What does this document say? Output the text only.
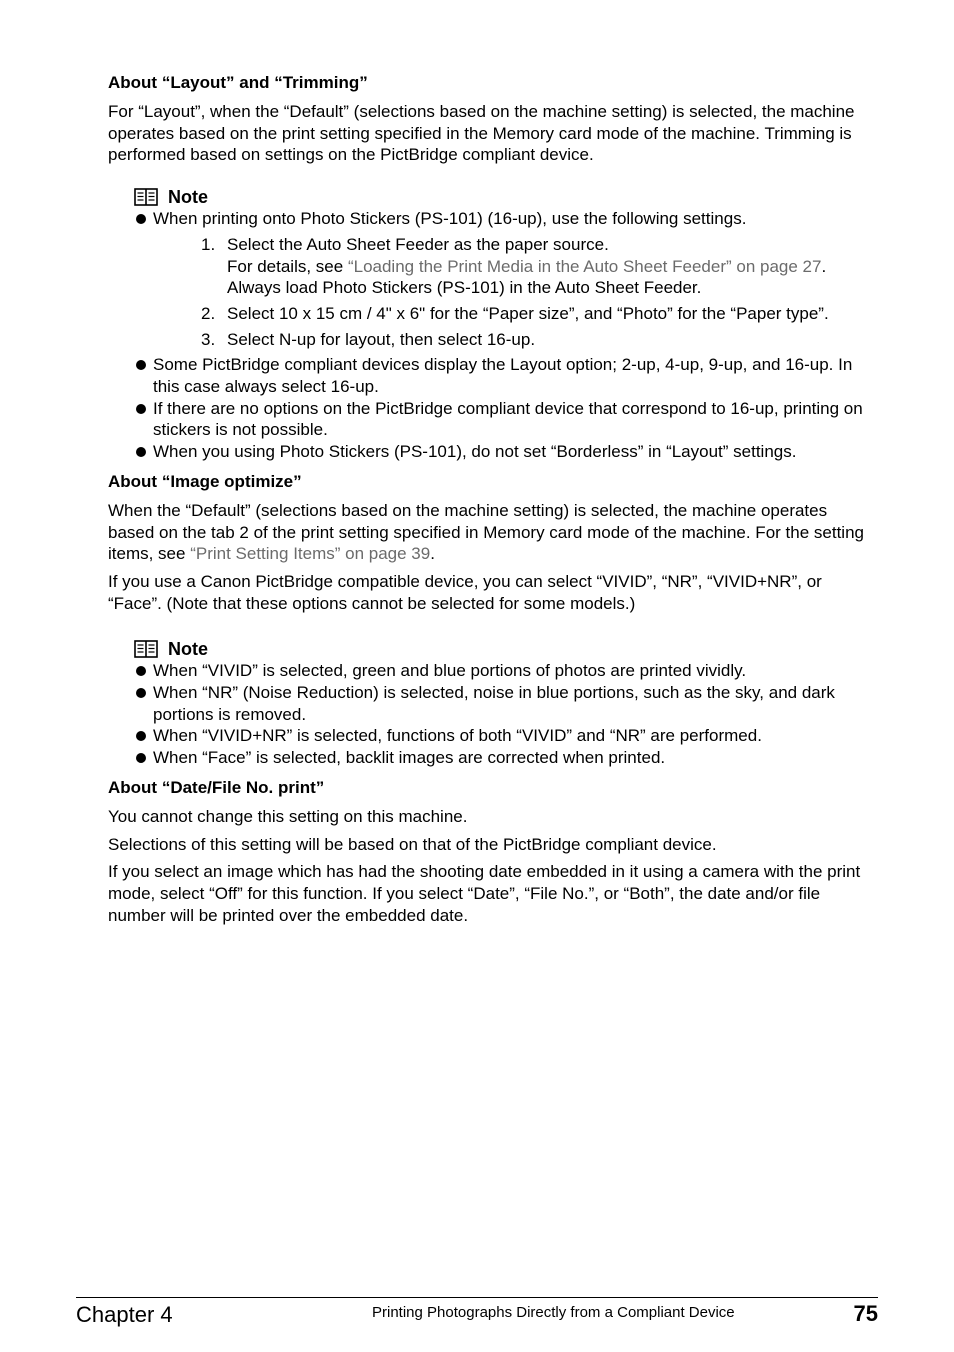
About “Layout” and “Trimming”

For “Layout”, when the “Default” (selections based on the machine setting) is selected, the machine operates based on the print setting specified in the Memory card mode of the machine. Trimming is performed based on settings on the PictBridge compliant device.

Note
When printing onto Photo Stickers (PS-101) (16-up), use the following settings.
1. Select the Auto Sheet Feeder as the paper source.
For details, see “Loading the Print Media in the Auto Sheet Feeder” on page 27.
Always load Photo Stickers (PS-101) in the Auto Sheet Feeder.
2. Select 10 x 15 cm / 4" x 6" for the “Paper size”, and “Photo” for the “Paper type”.
3. Select N-up for layout, then select 16-up.
Some PictBridge compliant devices display the Layout option; 2-up, 4-up, 9-up, and 16-up. In this case always select 16-up.
If there are no options on the PictBridge compliant device that correspond to 16-up, printing on stickers is not possible.
When you using Photo Stickers (PS-101), do not set “Borderless” in “Layout” settings.
About “Image optimize”

When the “Default” (selections based on the machine setting) is selected, the machine operates based on the tab 2 of the print setting specified in Memory card mode of the machine. For the setting items, see “Print Setting Items” on page 39.

If you use a Canon PictBridge compatible device, you can select “VIVID”, “NR”, “VIVID+NR”, or “Face”. (Note that these options cannot be selected for some models.)

Note
When “VIVID” is selected, green and blue portions of photos are printed vividly.
When “NR” (Noise Reduction) is selected, noise in blue portions, such as the sky, and dark portions is removed.
When “VIVID+NR” is selected, functions of both “VIVID” and “NR” are performed.
When “Face” is selected, backlit images are corrected when printed.
About “Date/File No. print”

You cannot change this setting on this machine.

Selections of this setting will be based on that of the PictBridge compliant device.

If you select an image which has had the shooting date embedded in it using a camera with the print mode, select “Off” for this function. If you select “Date”, “File No.”, or “Both”, the date and/or file number will be printed over the embedded date.

Chapter 4	Printing Photographs Directly from a Compliant Device	75
